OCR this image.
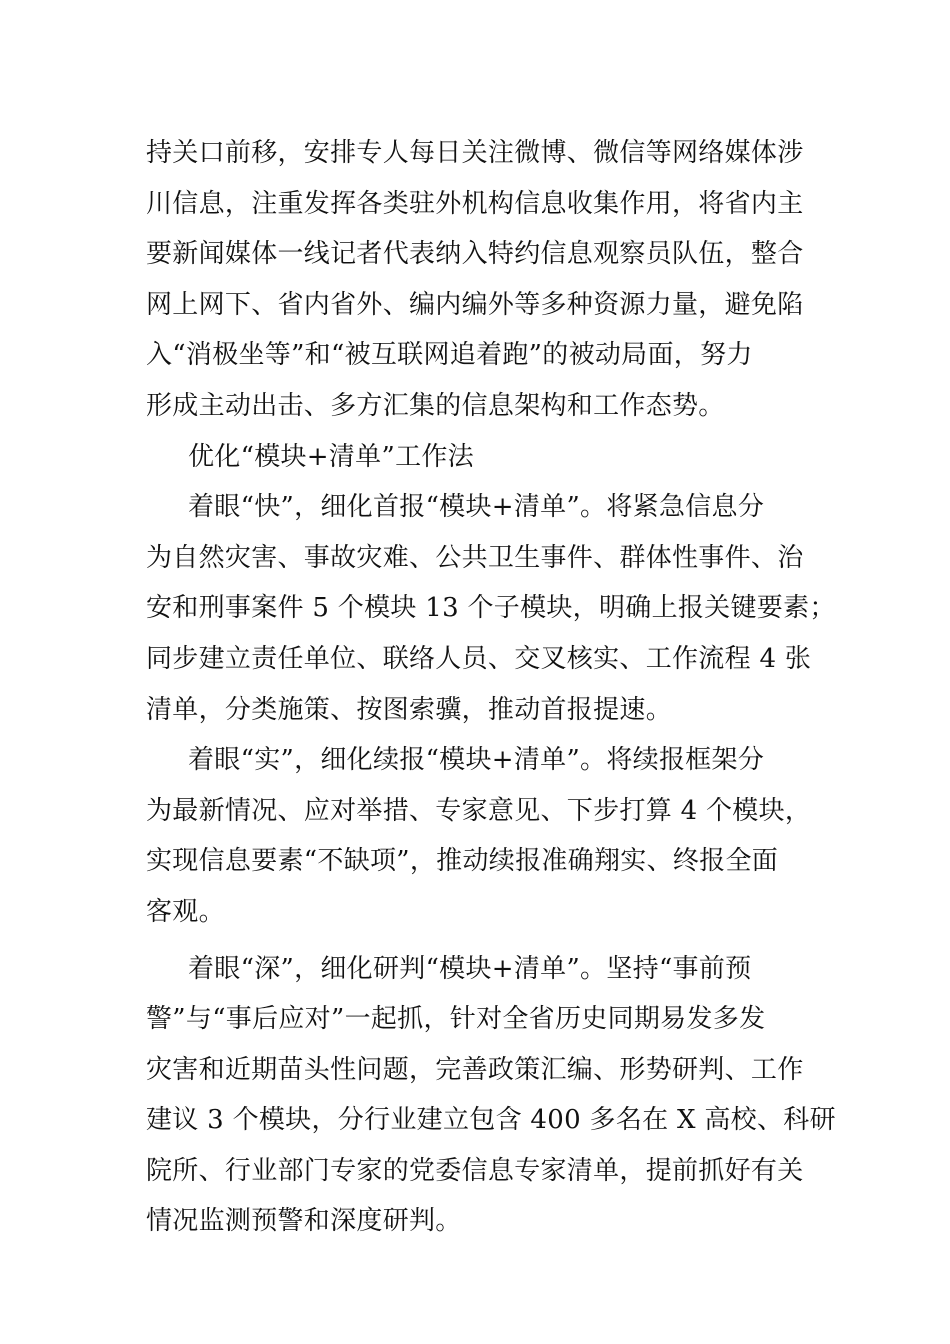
持关口前移，安排专人每日关注微博、微信等网络媒体涉
川信息，注重发挥各类驻外机构信息收集作用，将省内主
要新闻媒体一线记者代表纳入特约信息观察员队伍，整合
网上网下、省内省外、编内编外等多种资源力量，避免陷
入“消极坐等”和“被互联网追着跑”的被动局面，努力
形成主动出击、多方汇集的信息架构和工作态势。
优化“模块+清单”工作法
着眼“快”，细化首报“模块+清单”。将紧急信息分
为自然灾害、事故灾难、公共卫生事件、群体性事件、治
安和刑事案件 5 个模块 13 个子模块，明确上报关键要素；
同步建立责任单位、联络人员、交叉核实、工作流程 4 张
清单，分类施策、按图索骥，推动首报提速。
着眼“实”，细化续报“模块+清单”。将续报框架分
为最新情况、应对举措、专家意见、下步打算 4 个模块，
实现信息要素“不缺项”，推动续报准确翔实、终报全面
客观。
着眼“深”，细化研判“模块+清单”。坚持“事前预
警”与“事后应对”一起抓，针对全省历史同期易发多发
灾害和近期苗头性问题，完善政策汇编、形势研判、工作
建议 3 个模块，分行业建立包含 400 多名在 X 高校、科研
院所、行业部门专家的党委信息专家清单，提前抓好有关
情况监测预警和深度研判。
